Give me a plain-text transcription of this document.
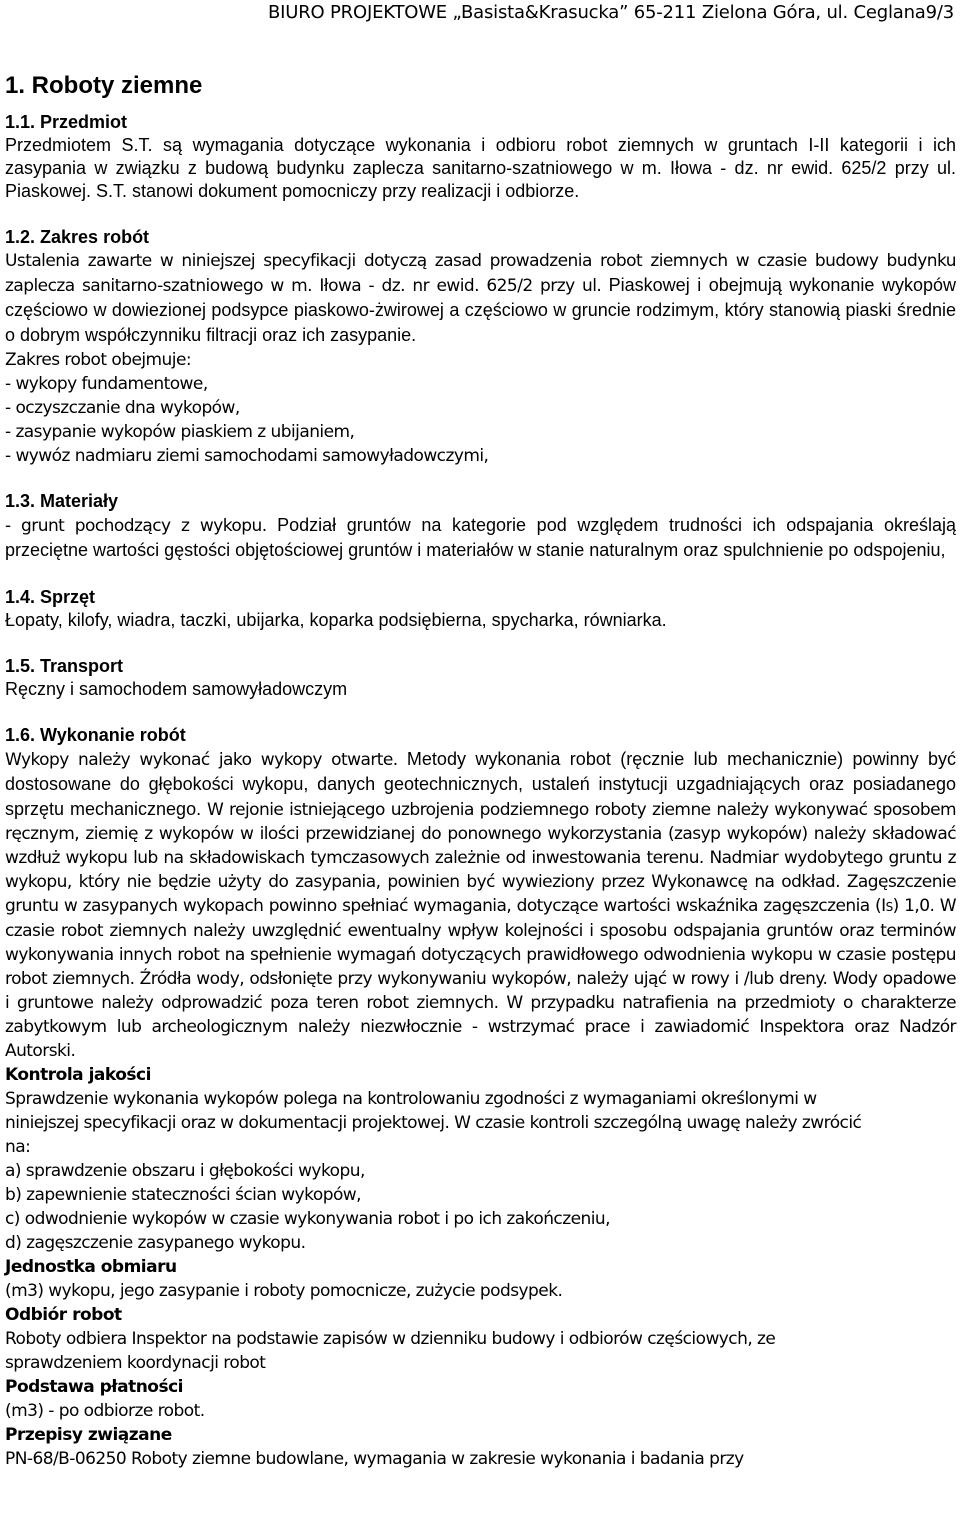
BIURO PROJEKTOWE „Basista&Krasucka” 65-211 Zielona Góra, ul. Ceglana9/3
1. Roboty ziemne
1.1. Przedmiot

Przedmiotem S.T. są wymagania dotyczące wykonania i odbioru robot ziemnych w gruntach I-II kategorii i ich zasypania w związku z budową budynku zaplecza sanitarno-szatniowego w m. Iłowa - dz. nr ewid. 625/2 przy ul. Piaskowej. S.T. stanowi dokument pomocniczy przy realizacji i odbiorze.

1.2. Zakres robót

Ustalenia zawarte w niniejszej specyfikacji dotyczą zasad prowadzenia robot ziemnych w czasie budowy budynku zaplecza sanitarno-szatniowego w m. Iłowa - dz. nr ewid. 625/2 przy ul. Piaskowej i obejmują wykonanie wykopów częściowo w dowiezionej podsypce piaskowo-żwirowej a częściowo w gruncie rodzimym, który stanowią piaski średnie o dobrym współczynniku filtracji oraz ich zasypanie.

Zakres robot obejmuje:
- wykopy fundamentowe,
- oczyszczanie dna wykopów,
- zasypanie wykopów piaskiem z ubijaniem,
- wywóz nadmiaru ziemi samochodami samowyładowczymi,
1.3. Materiały

- grunt pochodzący z wykopu. Podział gruntów na kategorie pod względem trudności ich odspajania określają przeciętne wartości gęstości objętościowej gruntów i materiałów w stanie naturalnym oraz spulchnienie po odspojeniu,

1.4. Sprzęt

Łopaty, kilofy, wiadra, taczki, ubijarka, koparka podsiębierna, spycharka, równiarka.

1.5. Transport

Ręczny i samochodem samowyładowczym

1.6. Wykonanie robót

Wykopy należy wykonać jako wykopy otwarte. Metody wykonania robot (ręcznie lub mechanicznie) powinny być dostosowane do głębokości wykopu, danych geotechnicznych, ustaleń instytucji uzgadniających oraz posiadanego sprzętu mechanicznego. W rejonie istniejącego uzbrojenia podziemnego roboty ziemne należy wykonywać sposobem ręcznym, ziemię z wykopów w ilości przewidzianej do ponownego wykorzystania (zasyp wykopów) należy składować wzdłuż wykopu lub na składowiskach tymczasowych zależnie od inwestowania terenu. Nadmiar wydobytego gruntu z wykopu, który nie będzie użyty do zasypania, powinien być wywieziony przez Wykonawcę na odkład. Zagęszczenie gruntu w zasypanych wykopach powinno spełniać wymagania, dotyczące wartości wskaźnika zagęszczenia (IS) 1,0. W czasie robot ziemnych należy uwzględnić ewentualny wpływ kolejności i sposobu odspajania gruntów oraz terminów wykonywania innych robot na spełnienie wymagań dotyczących prawidłowego odwodnienia wykopu w czasie postępu robot ziemnych. Źródła wody, odsłonięte przy wykonywaniu wykopów, należy ująć w rowy i /lub dreny. Wody opadowe i gruntowe należy odprowadzić poza teren robot ziemnych. W przypadku natrafienia na przedmioty o charakterze zabytkowym lub archeologicznym należy niezwłocznie - wstrzymać prace i zawiadomić Inspektora oraz Nadzór Autorski.

Kontrola jakości
Sprawdzenie wykonania wykopów polega na kontrolowaniu zgodności z wymaganiami określonymi w
niniejszej specyfikacji oraz w dokumentacji projektowej. W czasie kontroli szczególną uwagę należy zwrócić
na:
a) sprawdzenie obszaru i głębokości wykopu,
b) zapewnienie stateczności ścian wykopów,
c) odwodnienie wykopów w czasie wykonywania robot i po ich zakończeniu,
d) zagęszczenie zasypanego wykopu.
Jednostka obmiaru
(m3) wykopu, jego zasypanie i roboty pomocnicze, zużycie podsypek.
Odbiór robot
Roboty odbiera Inspektor na podstawie zapisów w dzienniku budowy i odbiorów częściowych, ze
sprawdzeniem koordynacji robot
Podstawa płatności
(m3) - po odbiorze robot.
Przepisy związane
PN-68/B-06250 Roboty ziemne budowlane, wymagania w zakresie wykonania i badania przy
